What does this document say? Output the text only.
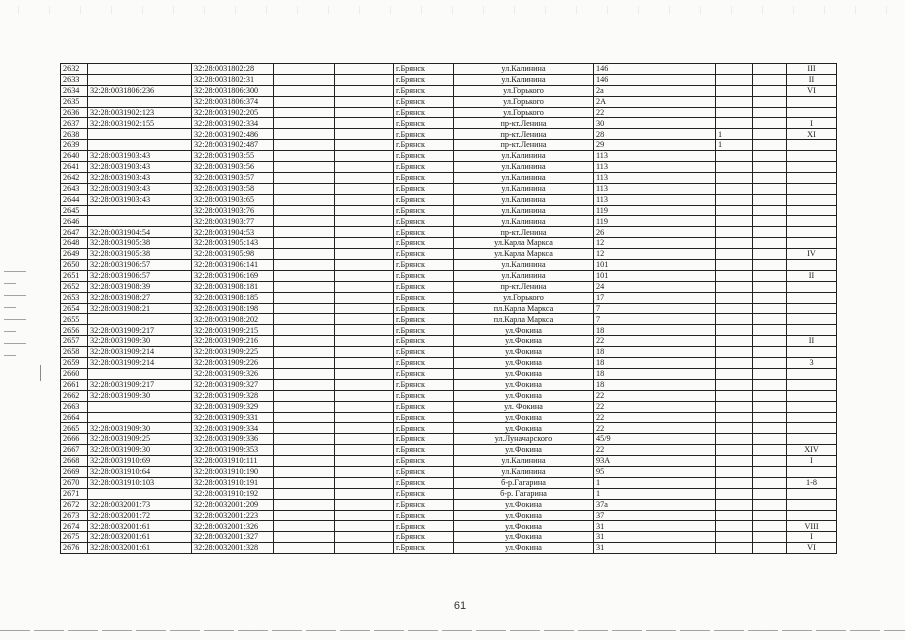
2632		32:28:0031802:28			г.Брянск	ул.Калинина	146			III
2633		32:28:0031802:31			г.Брянск	ул.Калинина	146			II
2634	32:28:0031806:236	32:28:0031806:300			г.Брянск	ул.Горького	2а			VI
2635		32:28:0031806:374			г.Брянск	ул.Горького	2А			
2636	32:28:0031902:123	32:28:0031902:205			г.Брянск	ул.Горького	22			
2637	32:28:0031902:155	32:28:0031902:334			г.Брянск	пр-кт.Ленина	30			I
2638		32:28:0031902:486			г.Брянск	пр-кт.Ленина	28	1		XI
2639		32:28:0031902:487			г.Брянск	пр-кт.Ленина	29	1		
2640	32:28:0031903:43	32:28:0031903:55			г.Брянск	ул.Калинина	113			
2641	32:28:0031903:43	32:28:0031903:56			г.Брянск	ул.Калинина	113			
2642	32:28:0031903:43	32:28:0031903:57			г.Брянск	ул.Калинина	113			
2643	32:28:0031903:43	32:28:0031903:58			г.Брянск	ул.Калинина	113			
2644	32:28:0031903:43	32:28:0031903:65			г.Брянск	ул.Калинина	113			
2645		32:28:0031903:76			г.Брянск	ул.Калинина	119			
2646		32:28:0031903:77			г.Брянск	ул.Калинина	119			
2647	32:28:0031904:54	32:28:0031904:53			г.Брянск	пр-кт.Ленина	26			
2648	32:28:0031905:38	32:28:0031905:143			г.Брянск	ул.Карла Маркса	12			
2649	32:28:0031905:38	32:28:0031905:98			г.Брянск	ул.Карла Маркса	12			IV
2650	32:28:0031906:57	32:28:0031906:141			г.Брянск	ул.Калинина	101			
2651	32:28:0031906:57	32:28:0031906:169			г.Брянск	ул.Калинина	101			II
2652	32:28:0031908:39	32:28:0031908:181			г.Брянск	пр-кт.Ленина	24			
2653	32:28:0031908:27	32:28:0031908:185			г.Брянск	ул.Горького	17			
2654	32:28:0031908:21	32:28:0031908:198			г.Брянск	пл.Карла Маркса	7			
2655		32:28:0031908:202			г.Брянск	пл.Карла Маркса	7			
2656	32:28:0031909:217	32:28:0031909:215			г.Брянск	ул.Фокина	18			
2657	32:28:0031909:30	32:28:0031909:216			г.Брянск	ул.Фокина	22			II
2658	32:28:0031909:214	32:28:0031909:225			г.Брянск	ул.Фокина	18			
2659	32:28:0031909:214	32:28:0031909:226			г.Брянск	ул.Фокина	18			3
2660		32:28:0031909:326			г.Брянск	ул.Фокина	18			
2661	32:28:0031909:217	32:28:0031909:327			г.Брянск	ул.Фокина	18			
2662	32:28:0031909:30	32:28:0031909:328			г.Брянск	ул.Фокина	22			
2663		32:28:0031909:329			г.Брянск	ул. Фокина	22			
2664		32:28:0031909:331			г.Брянск	ул.Фокина	22			
2665	32:28:0031909:30	32:28:0031909:334			г.Брянск	ул.Фокина	22			
2666	32:28:0031909:25	32:28:0031909:336			г.Брянск	ул.Луначарского	45/9			
2667	32:28:0031909:30	32:28:0031909:353			г.Брянск	ул.Фокина	22			XIV
2668	32:28:0031910:69	32:28:0031910:111			г.Брянск	ул.Калинина	93А			I
2669	32:28:0031910:64	32:28:0031910:190			г.Брянск	ул.Калинина	95			
2670	32:28:0031910:103	32:28:0031910:191			г.Брянск	б-р.Гагарина	1			1-8
2671		32:28:0031910:192			г.Брянск	б-р. Гагарина	1			
2672	32:28:0032001:73	32:28:0032001:209			г.Брянск	ул.Фокина	37а			
2673	32:28:0032001:72	32:28:0032001:223			г.Брянск	ул.Фокина	37			
2674	32:28:0032001:61	32:28:0032001:326			г.Брянск	ул.Фокина	31			VIII
2675	32:28:0032001:61	32:28:0032001:327			г.Брянск	ул.Фокина	31			I
2676	32:28:0032001:61	32:28:0032001:328			г.Брянск	ул.Фокина	31			VI
61
